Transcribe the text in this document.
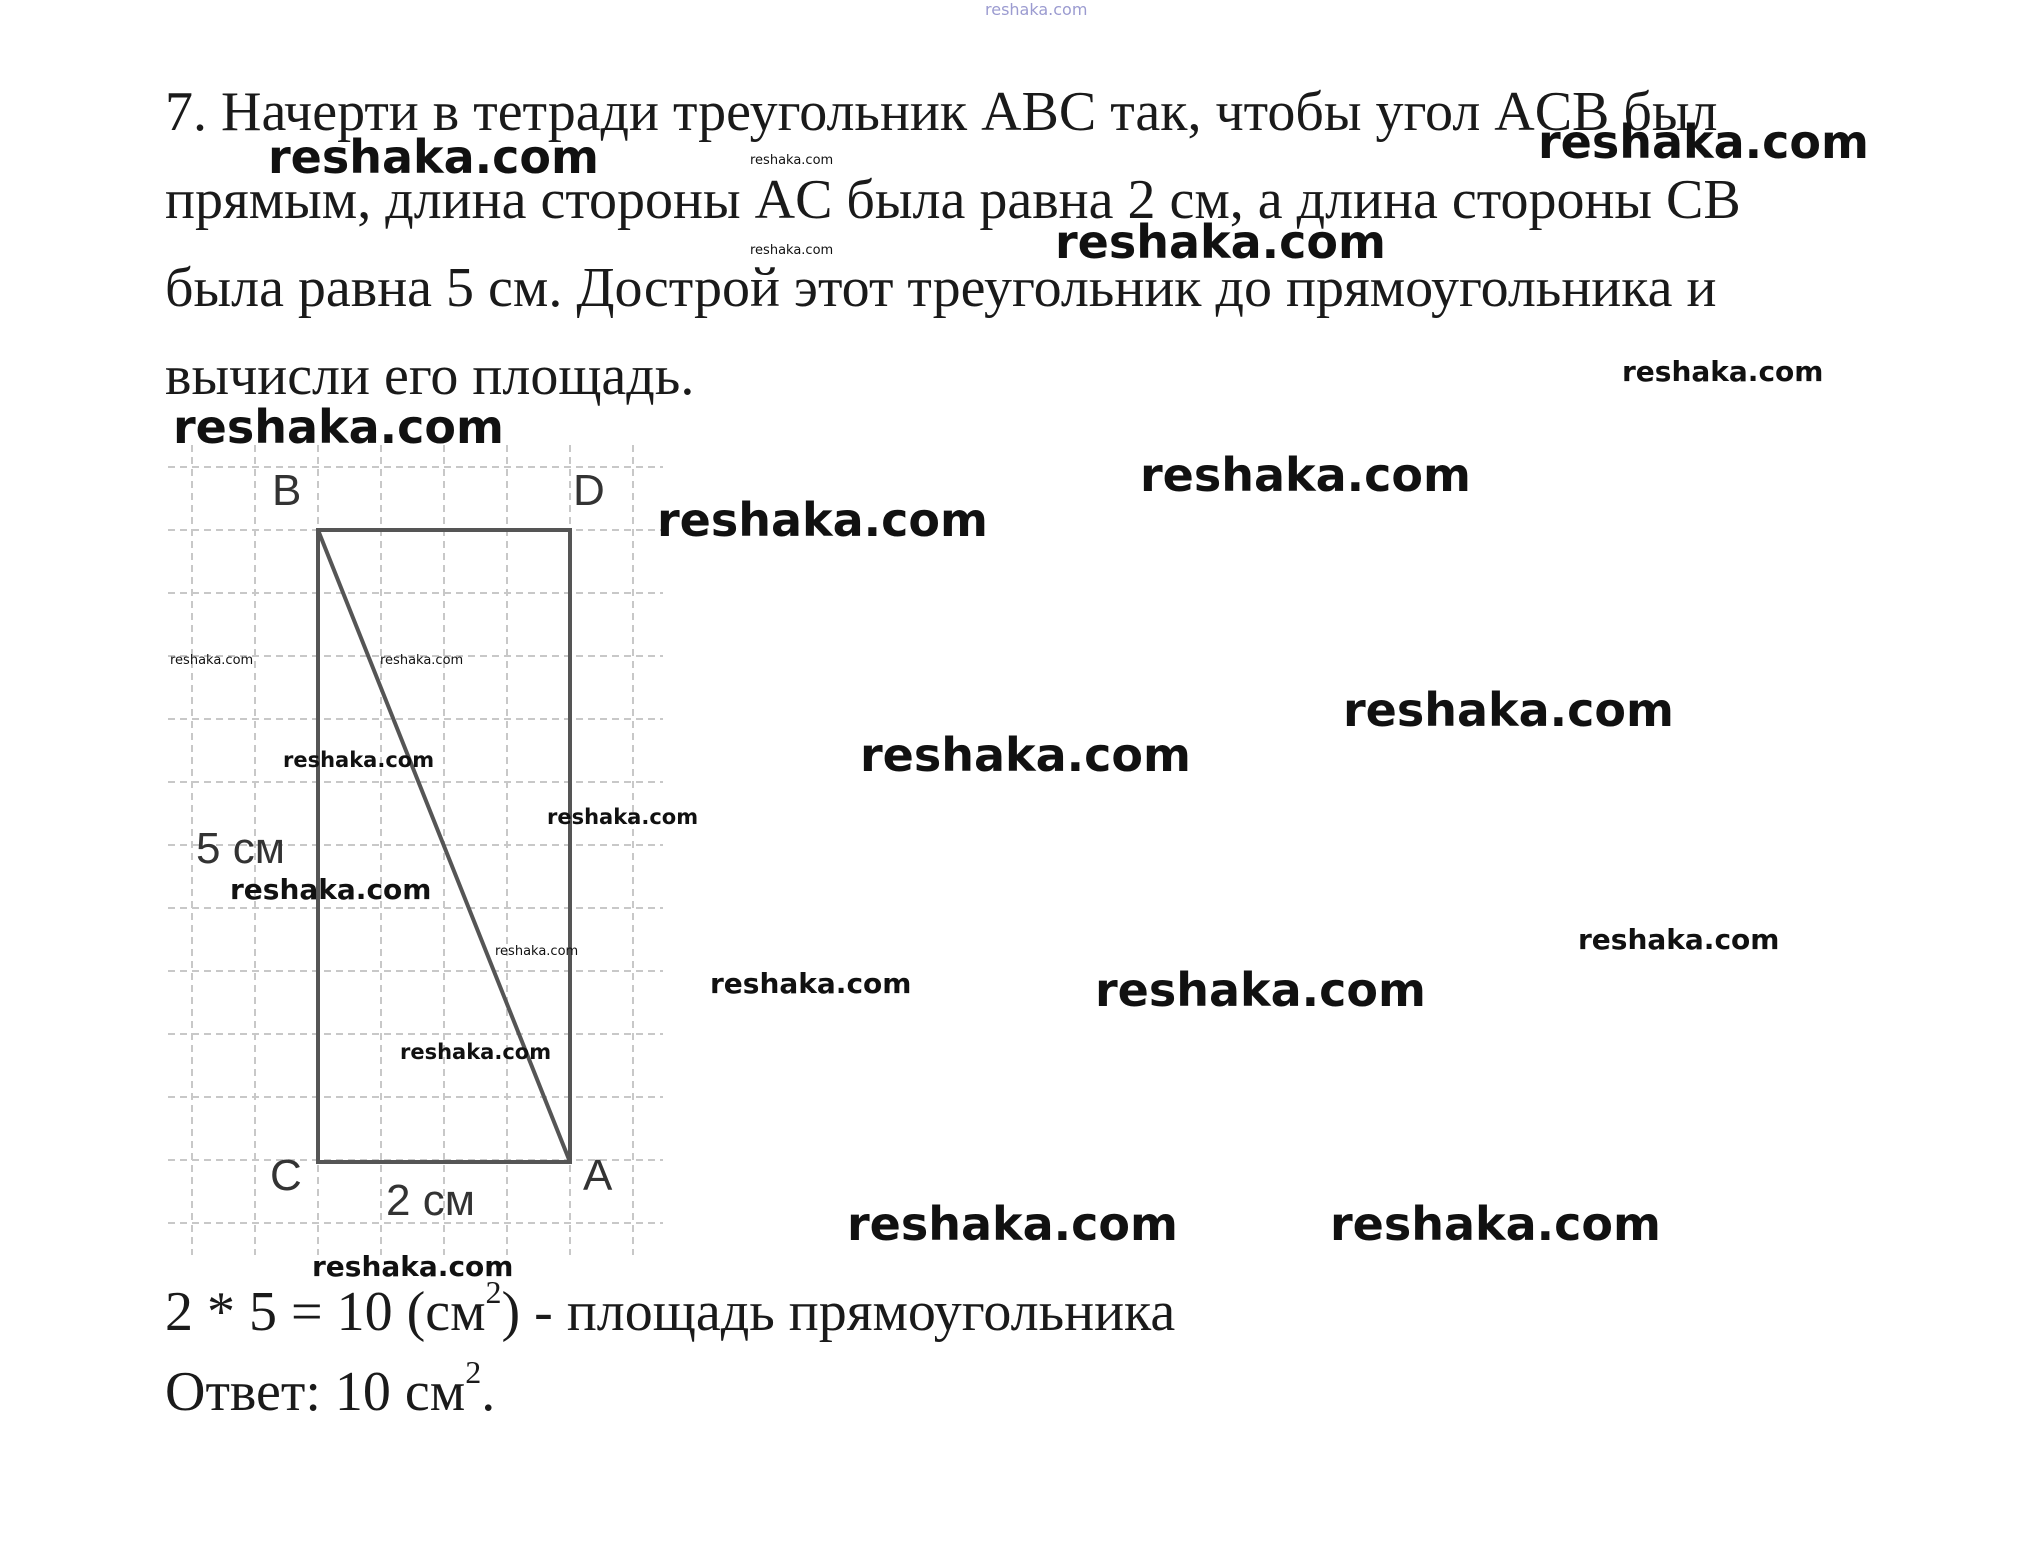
7. Начерти в тетради треугольник ABC так, чтобы угол ACB был

прямым, длина стороны AC была равна 2 см, а длина стороны CB

была равна 5 см. Дострой этот треугольник до прямоугольника и

вычисли его площадь.

B	D
C	A
5 см
2 см
2 * 5 = 10 $(см^2)$ - площадь прямоугольника
Ответ: 10 $см^2$.
reshaka.com
reshaka.com	reshaka.com
reshaka.com
reshaka.com
reshaka.com
reshaka.com
reshaka.com
reshaka.com
reshaka.com
reshaka.com	reshaka.com
reshaka.com
reshaka.com
reshaka.com
reshaka.com
reshaka.com
reshaka.com
reshaka.com
reshaka.com	reshaka.com
reshaka.com
reshaka.com	reshaka.com
reshaka.com
